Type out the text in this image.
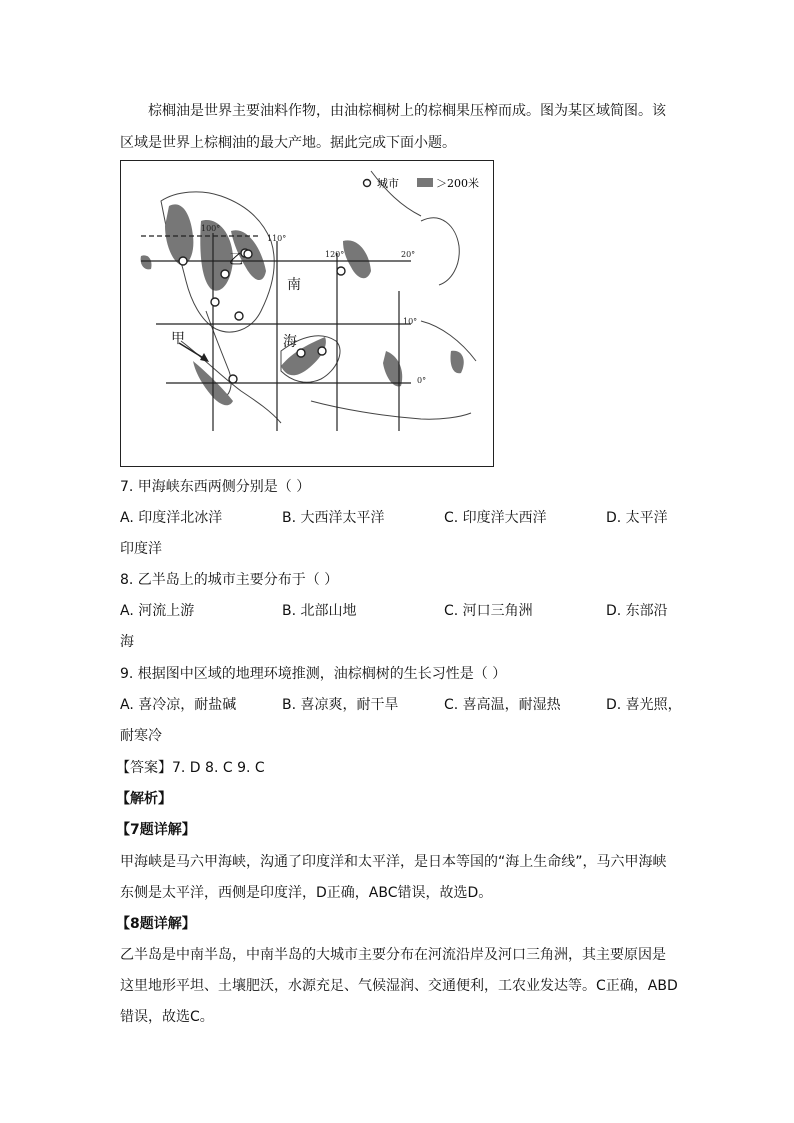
棕榈油是世界主要油料作物，由油棕榈树上的棕榈果压榨而成。图为某区域简图。该
区域是世界上棕榈油的最大产地。据此完成下面小题。
城市	＞200米
100°
110°
120°	20°
10°
0°
甲
乙
南
海
7. 甲海峡东西两侧分别是（ ）
A. 印度洋北冰洋	B. 大西洋太平洋	C. 印度洋大西洋	D. 太平洋
印度洋
8. 乙半岛上的城市主要分布于（ ）
A. 河流上游	B. 北部山地	C. 河口三角洲	D. 东部沿
海
9. 根据图中区域的地理环境推测，油棕榈树的生长习性是（ ）
A. 喜冷凉，耐盐碱	B. 喜凉爽，耐干旱	C. 喜高温，耐湿热	D. 喜光照，
耐寒冷
【答案】7. D 8. C 9. C
【解析】
【7题详解】
甲海峡是马六甲海峡，沟通了印度洋和太平洋，是日本等国的“海上生命线”，马六甲海峡
东侧是太平洋，西侧是印度洋，D正确，ABC错误，故选D。
【8题详解】
乙半岛是中南半岛，中南半岛的大城市主要分布在河流沿岸及河口三角洲，其主要原因是
这里地形平坦、土壤肥沃，水源充足、气候湿润、交通便利，工农业发达等。C正确，ABD
错误，故选C。
